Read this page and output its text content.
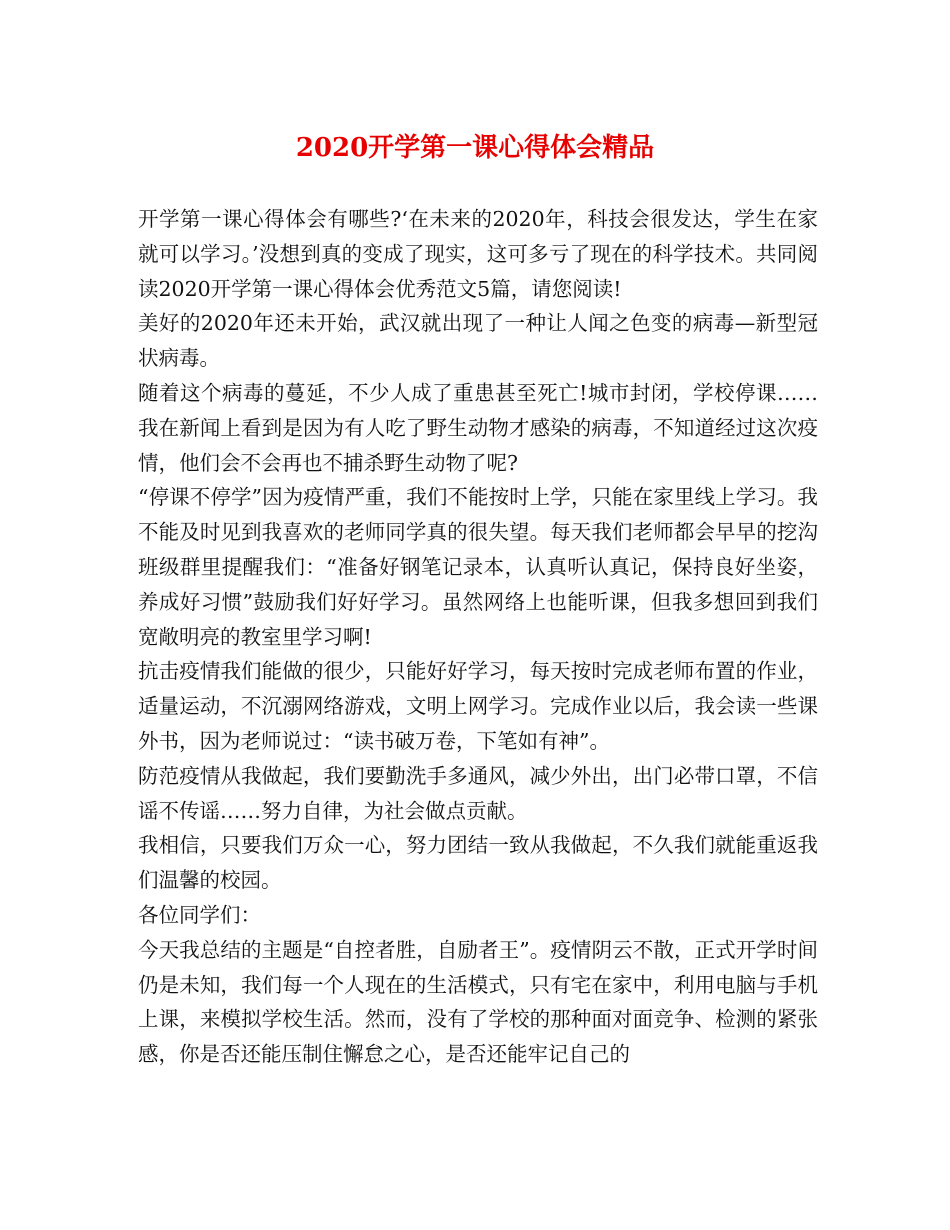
2020开学第一课心得体会精品

开学第一课心得体会有哪些?‘在未来的2020年，科技会很发达，学生在家就可以学习。’没想到真的变成了现实，这可多亏了现在的科学技术。共同阅读2020开学第一课心得体会优秀范文5篇，请您阅读!

美好的2020年还未开始，武汉就出现了一种让人闻之色变的病毒—新型冠状病毒。

随着这个病毒的蔓延，不少人成了重患甚至死亡!城市封闭，学校停课……我在新闻上看到是因为有人吃了野生动物才感染的病毒，不知道经过这次疫情，他们会不会再也不捕杀野生动物了呢?

“停课不停学”因为疫情严重，我们不能按时上学，只能在家里线上学习。我不能及时见到我喜欢的老师同学真的很失望。每天我们老师都会早早的挖沟班级群里提醒我们：“准备好钢笔记录本，认真听认真记，保持良好坐姿，养成好习惯”鼓励我们好好学习。虽然网络上也能听课，但我多想回到我们宽敞明亮的教室里学习啊!

抗击疫情我们能做的很少，只能好好学习，每天按时完成老师布置的作业，适量运动，不沉溺网络游戏，文明上网学习。完成作业以后，我会读一些课外书，因为老师说过：“读书破万卷，下笔如有神”。

防范疫情从我做起，我们要勤洗手多通风，减少外出，出门必带口罩，不信谣不传谣……努力自律，为社会做点贡献。

我相信，只要我们万众一心，努力团结一致从我做起，不久我们就能重返我们温馨的校园。

各位同学们：

今天我总结的主题是“自控者胜，自励者王”。疫情阴云不散，正式开学时间仍是未知，我们每一个人现在的生活模式，只有宅在家中，利用电脑与手机上课，来模拟学校生活。然而，没有了学校的那种面对面竞争、检测的紧张感，你是否还能压制住懈怠之心，是否还能牢记自己的
